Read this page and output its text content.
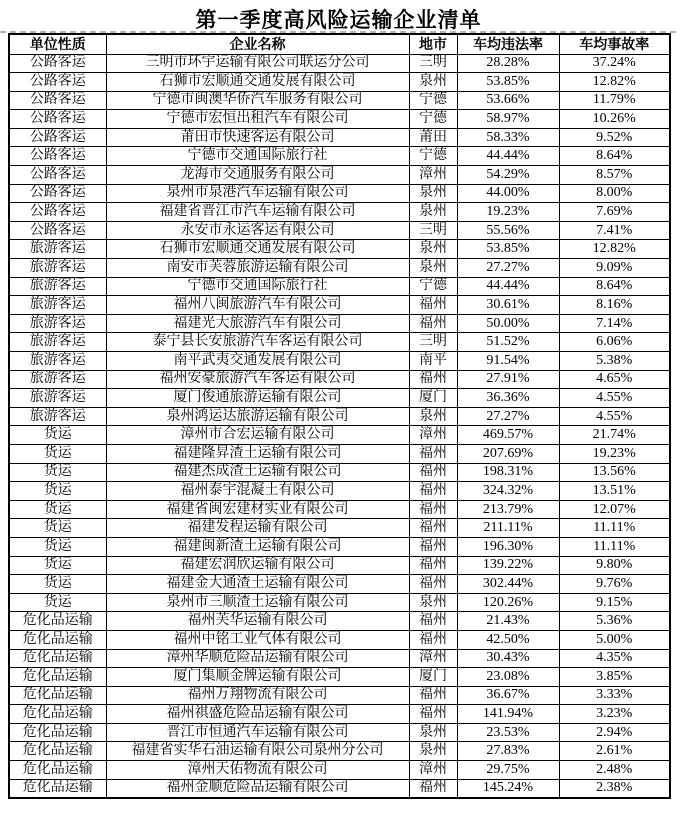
第一季度高风险运输企业清单
单位性质	企业名称	地市	车均违法率	车均事故率
公路客运	三明市环宇运输有限公司联运分公司	三明	28.28%	37.24%
公路客运	石狮市宏顺通交通发展有限公司	泉州	53.85%	12.82%
公路客运	宁德市闽澳华侨汽车服务有限公司	宁德	53.66%	11.79%
公路客运	宁德市宏恒出租汽车有限公司	宁德	58.97%	10.26%
公路客运	莆田市快速客运有限公司	莆田	58.33%	9.52%
公路客运	宁德市交通国际旅行社	宁德	44.44%	8.64%
公路客运	龙海市交通服务有限公司	漳州	54.29%	8.57%
公路客运	泉州市泉港汽车运输有限公司	泉州	44.00%	8.00%
公路客运	福建省晋江市汽车运输有限公司	泉州	19.23%	7.69%
公路客运	永安市永运客运有限公司	三明	55.56%	7.41%
旅游客运	石狮市宏顺通交通发展有限公司	泉州	53.85%	12.82%
旅游客运	南安市芙蓉旅游运输有限公司	泉州	27.27%	9.09%
旅游客运	宁德市交通国际旅行社	宁德	44.44%	8.64%
旅游客运	福州八闽旅游汽车有限公司	福州	30.61%	8.16%
旅游客运	福建光大旅游汽车有限公司	福州	50.00%	7.14%
旅游客运	泰宁县长安旅游汽车客运有限公司	三明	51.52%	6.06%
旅游客运	南平武夷交通发展有限公司	南平	91.54%	5.38%
旅游客运	福州安豪旅游汽车客运有限公司	福州	27.91%	4.65%
旅游客运	厦门俊通旅游运输有限公司	厦门	36.36%	4.55%
旅游客运	泉州鸿运达旅游运输有限公司	泉州	27.27%	4.55%
货运	漳州市合宏运输有限公司	漳州	469.57%	21.74%
货运	福建隆昇渣土运输有限公司	福州	207.69%	19.23%
货运	福建杰成渣土运输有限公司	福州	198.31%	13.56%
货运	福州泰宇混凝土有限公司	福州	324.32%	13.51%
货运	福建省闽宏建材实业有限公司	福州	213.79%	12.07%
货运	福建发程运输有限公司	福州	211.11%	11.11%
货运	福建闽新渣土运输有限公司	福州	196.30%	11.11%
货运	福建宏润欣运输有限公司	福州	139.22%	9.80%
货运	福建金大通渣土运输有限公司	福州	302.44%	9.76%
货运	泉州市三顺渣土运输有限公司	泉州	120.26%	9.15%
危化品运输	福州芙华运输有限公司	福州	21.43%	5.36%
危化品运输	福州中铭工业气体有限公司	福州	42.50%	5.00%
危化品运输	漳州华顺危险品运输有限公司	漳州	30.43%	4.35%
危化品运输	厦门集顺金牌运输有限公司	厦门	23.08%	3.85%
危化品运输	福州万翔物流有限公司	福州	36.67%	3.33%
危化品运输	福州祺盛危险品运输有限公司	福州	141.94%	3.23%
危化品运输	晋江市恒通汽车运输有限公司	泉州	23.53%	2.94%
危化品运输	福建省实华石油运输有限公司泉州分公司	泉州	27.83%	2.61%
危化品运输	漳州天佑物流有限公司	漳州	29.75%	2.48%
危化品运输	福州金顺危险品运输有限公司	福州	145.24%	2.38%
